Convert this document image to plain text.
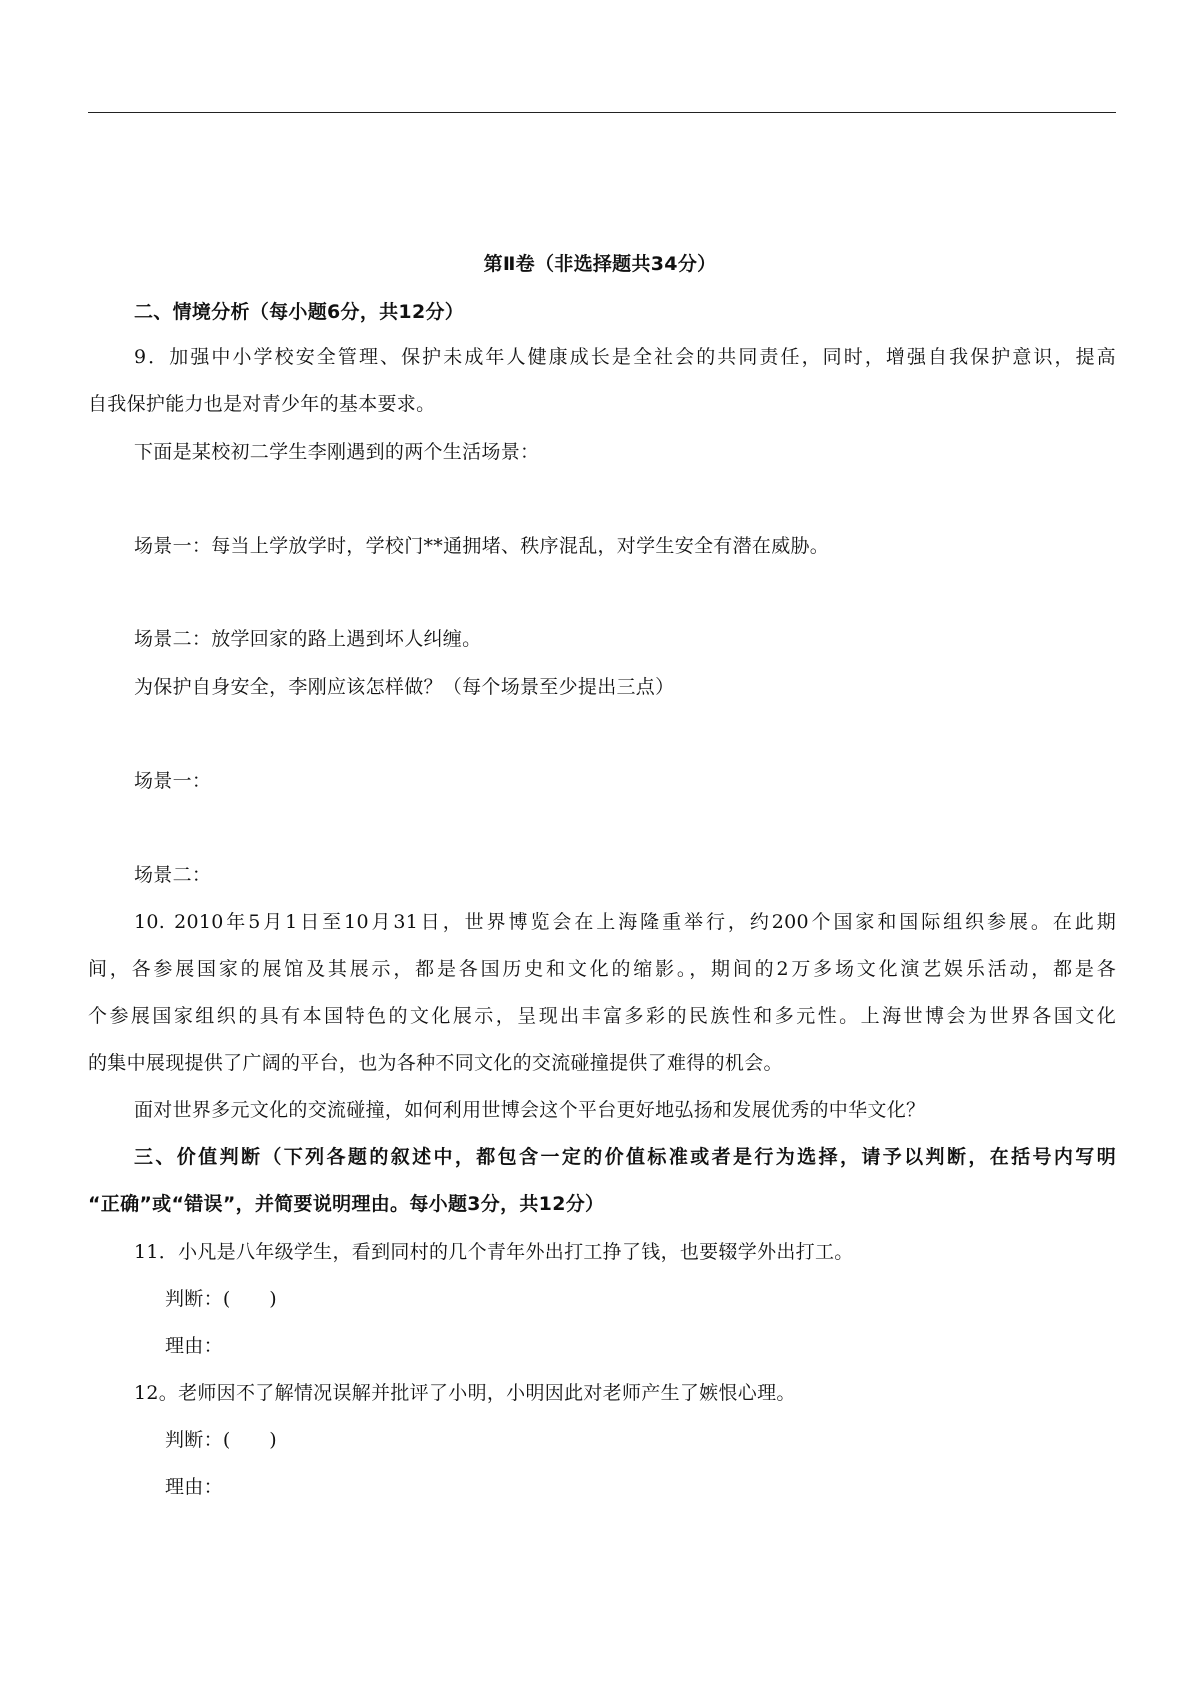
第Ⅱ卷（非选择题共34分）
二、情境分析（每小题6分，共12分）
9．加强中小学校安全管理、保护未成年人健康成长是全社会的共同责任，同时，增强自我保护意识，提高
自我保护能力也是对青少年的基本要求。
下面是某校初二学生李刚遇到的两个生活场景：
场景一：每当上学放学时，学校门**通拥堵、秩序混乱，对学生安全有潜在威胁。
场景二：放学回家的路上遇到坏人纠缠。
为保护自身安全，李刚应该怎样做？（每个场景至少提出三点）
场景一：
场景二：
10. 2010年5月1日至10月31日，世界博览会在上海隆重举行，约200个国家和国际组织参展。在此期
间，各参展国家的展馆及其展示，都是各国历史和文化的缩影。，期间的2万多场文化演艺娱乐活动，都是各
个参展国家组织的具有本国特色的文化展示，呈现出丰富多彩的民族性和多元性。上海世博会为世界各国文化
的集中展现提供了广阔的平台，也为各种不同文化的交流碰撞提供了难得的机会。
面对世界多元文化的交流碰撞，如何利用世博会这个平台更好地弘扬和发展优秀的中华文化？
三、价值判断（下列各题的叙述中，都包含一定的价值标准或者是行为选择，请予以判断，在括号内写明
“正确”或“错误”，并简要说明理由。每小题3分，共12分）
11．小凡是八年级学生，看到同村的几个青年外出打工挣了钱，也要辍学外出打工。
判断：(　　)
理由：
12。老师因不了解情况误解并批评了小明，小明因此对老师产生了嫉恨心理。
判断：(　　)
理由：
